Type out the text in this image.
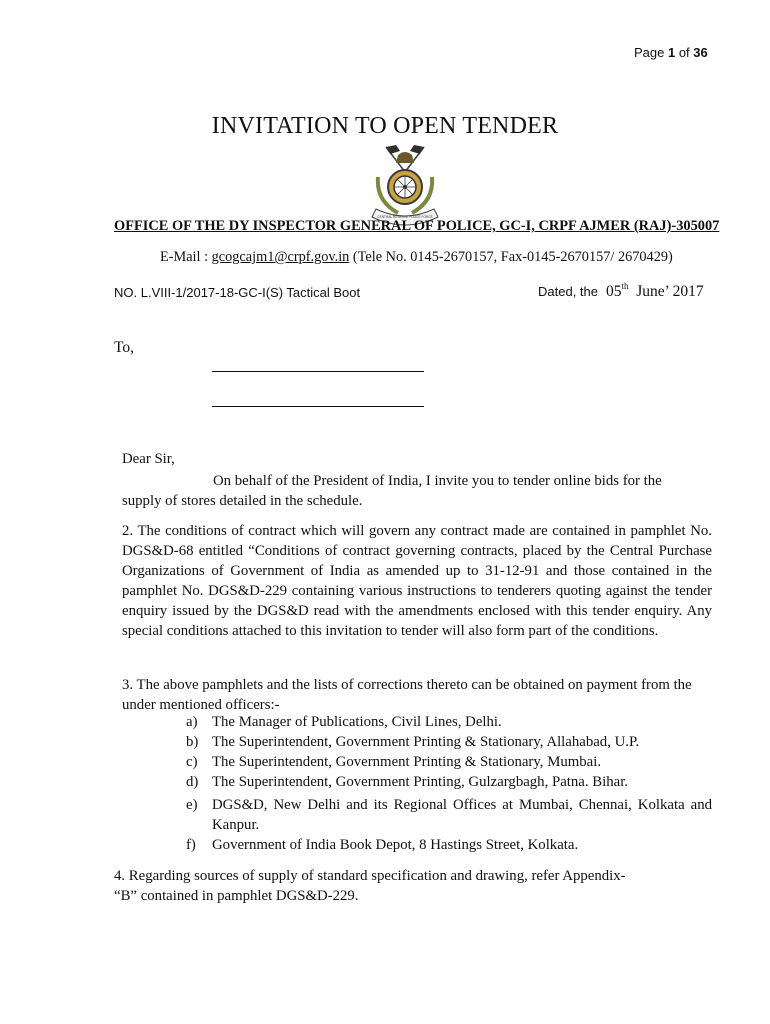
Page 1 of 36
INVITATION TO OPEN TENDER
CENTRAL RESERVE POLICE FORCE
OFFICE OF THE DY INSPECTOR GENERAL OF POLICE, GC-I, CRPF AJMER (RAJ)-305007
E-Mail : gcogcajm1@crpf.gov.in (Tele No. 0145-2670157, Fax-0145-2670157/ 2670429)
NO. L.VIII-1/2017-18-GC-I(S) Tactical Boot	Dated, the 05th June’ 2017
To,
Dear Sir,
On behalf of the President of India, I invite you to tender online bids for the
supply of stores detailed in the schedule.
2. The conditions of contract which will govern any contract made are contained in pamphlet No. DGS&D-68 entitled “Conditions of contract governing contracts, placed by the Central Purchase Organizations of Government of India as amended up to 31-12-91 and those contained in the pamphlet No. DGS&D-229 containing various instructions to tenderers quoting against the tender enquiry issued by the DGS&D read with the amendments enclosed with this tender enquiry. Any special conditions attached to this invitation to tender will also form part of the conditions.
3. The above pamphlets and the lists of corrections thereto can be obtained on payment from the
under mentioned officers:-
a) The Manager of Publications, Civil Lines, Delhi.
b) The Superintendent, Government Printing & Stationary, Allahabad, U.P.
c) The Superintendent, Government Printing & Stationary, Mumbai.
d) The Superintendent, Government Printing, Gulzargbagh, Patna. Bihar.
e) DGS&D, New Delhi and its Regional Offices at Mumbai, Chennai, Kolkata and Kanpur.
f)	Government of India Book Depot, 8 Hastings Street, Kolkata.
4. Regarding sources of supply of standard specification and drawing, refer Appendix-
“B” contained in pamphlet DGS&D-229.
